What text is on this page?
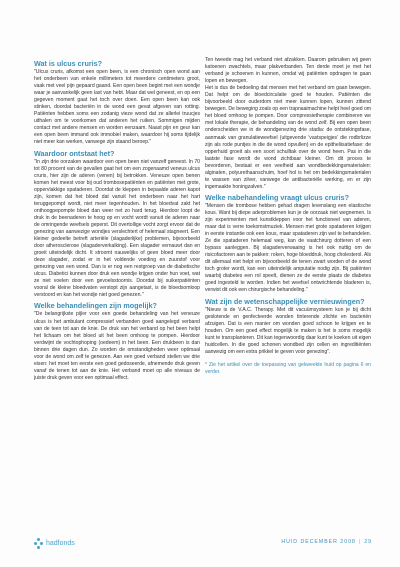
Wat is ulcus cruris?

"Ulcus cruris, afkomst een open been, is een chronisch open wond aan het onderbeen van enkele millimeters tot meerdere centimeters groot, vaak met veel pijn gepaard gaand. Een open been begint met een wondje waar je aanvankelijk geen last van hebt. Maar dat wel geneest, en op een gegeven moment gaat het toch over doen. Een open been kan ook stinken, doordat bacteriën in de wond een gevat afgeven van rotting. Patiënten hebben soms een zodanig vieze wond dat ze allerlei truucjes uithalen om te voorkomen dat anderen het ruiken. Sommigen mijden contact met andere mensen en worden eenzaam. Naast pijn en geur kan een open been immand ook immobiel maken, waardoor hij soms tijdelijk niet meer kan werken, vanwege zijn staand beroep."

Waardoor ontstaat het?

"In zijn drie oorzaken waardoor een open been niet vanzelf geneest. In 70 tot 80 procent van de gevallen gaat het om een zogenaamd veneus ulcus cruris, hier zijn de aderen (venen) bij betrokken. Veneuze open benen komen het meest voor bij oud trombosepatiënten en patiënten met grote, oppervlakkige spataderen. Doordat de kleppen in bepaalde aderen kapot zijn, komen dat het bloed dat vanuit het onderbeen naar het hart teruggepompt wordt, niet meer tegenhouden. In het bloedvat zakt het onthoogpepompte bloed dan weer net zo hard terug. Hierdoor loopt de druk in de beenaderen te hoog op en vocht wordt vanuit de aderen naar de omringende weefsels geperst. Dit overtollige vocht zorgt ervoor dat de genezing van aanwezige wondjes verslechtert of helemaal stagneert. Een kleiner gedeelte betreft arteriële (slagaderlijke) problemen, bijvoorbeeld door atherosclerose (slagaderverkalking). Een slagader vernauwt dan en groeit uiteindelijk dicht. It stroomt nauwelijks of geen bloed meer door deze slagader, zodat er in het voldende voeding en zuurstof voor genezing van een wond. Dan is er nog een restgroep van de diabetische ulcus. Diabetici kunnen door druk een wondje krijgen onder hun voet, wat ze niet voelen door een gevoelsstoornis. Doordat bij suikerpatiënten vooral de kleine bloedvaten verstopt zijn aangetast, is de bloedsomloop verstoord en kan het wondje niet goed genezen."

Welke behandelingen zijn mogelijk?

"De belangrijkste pijler voor een goede behandeling van het veneuze ulcus is het ambulant compressief verbanden goed aangelegd verband van de teen tot aan de knie. De druk van het verband op het been helpt het lichaam om het bloed uit het been omhoog te pompen. Hierdoor verdwijnt de vochtophoping (oedeem) in het been. Een drukbeen is dan binnen drie dagen dun. Zo worden de omstandigheden weer optimaal voor de wond om zelf te genezen. Aan een goed verband stellen we drie eisen: het moet ten eerste een goed gedoseerde, afnemende druk geven vanaf de tenen tot aan de knie. Het verband moet op alle niveaus de juiste druk geven voor een optimaal effect.

Ten tweede mag het verband niet afzakken. Daarom gebruiken wij geen katoenen zwachtels, maar plakverbanden. Ten derde moet je met het verband je schoenen in kunnen, omdat wij patiënten opdragen te gaan lopen en bewegen.

Het is dus de bedoeling dat mensen met het verband om gaan bewegen. Dat helpt om de bloedcirculatie goed te houden. Patiënten die bijvoorbeeld door ouderdom niet meer kunnen lopen, kunnen zittend bewegen. De beweging zoals op een trapnaaimachine helpt heel goed om het bloed omhoog te pompen. Door compressietherapie combineren we met lokale therapie, de behandeling van de wond zelf. Bij een open been onderscheiden we in de wondgenezing drie stadia: de ontstekingsfase, aanmaak van granulatieweefsel (uitgevende 'vastspeigjes' die rodbrlizze zijn als rode puntjes in die de wond opvullen) en de epitheliisatiefase: de opperhuid groeit als een soort schulltak over de wond heen. Pas in die laatste fase wordt de wond zichtbaar kleiner. Om dit proces te bevorderen, bestaat er een veelheid aan wondbedekkingsmaterialen: alginaten, polyurethaanschuim, hoef hol is het om bedekkingsmaterialen te wassen van zilver, vanwege de antibacteriële werking, en er zijn ingemaakte honingzalven."

Welke nabehandeling vraagt ulcus cruris?

"Mensen die trombose hebben gehad dragen levenslang een elastische kous. Want bij diepe aderproblemen kun je de oorzaak niet wegnemen. Is zijn experimenten met kunstkleppen voor het functioneel van aderen, maar dat is verre toekomstmuziek. Mensen met grote spataderen krijgen in eerste instantie ook een kous, maar spataderen zijn wel te behandelen. Ze die spataderen helemaal weg, kan de vaatchirurg dotteren of een bypass aanleggen. Bij slagaderverwaaing is het ook nuttig om de risicofactoren aan te pakken: roken, hoge bloeddruk, hoog cholesterol. Als dit allemaal niet helpt en bijvoorbeeld de tenen zwart worden of de wond toch groter wordt, kan een uiteindelijk amputatie nodig zijn. Bij patiënten waarbij diabetes een rol speelt, dienen ze de eerste plaats de diabetes goed ingesteld te worden. Indien het weefsel ontwrichtende bladeren is, verwist dit ook een chirurgische behandeling."

Wat zijn de wetenschappelijke vernieuwingen?

"Nieuw is de V.A.C. Therapy. Met dit vacuümsysteem kun je bij dicht geslotende en genfecteerde wonden tinterende zlichte en bacteriën afzuigen. Dat is een manier om wonden goed schoon te krijgen en te houden. Om een goed effect mogelijk te maken is het is soms mogelijk kunt te transplanteren. Dit kan tegenwoordig daar kunt te koeken uit eigen huidcellen. In die goed schonen wondbed zijn cellen en ingreditiënten aanwezig om een extra prikkel te geven voor genezing".

* Zie het artikel over de toepassing van gekweekte huid op pagina 6 en verder.

hadfonds	HUID DECEMBER 2008 | 29
